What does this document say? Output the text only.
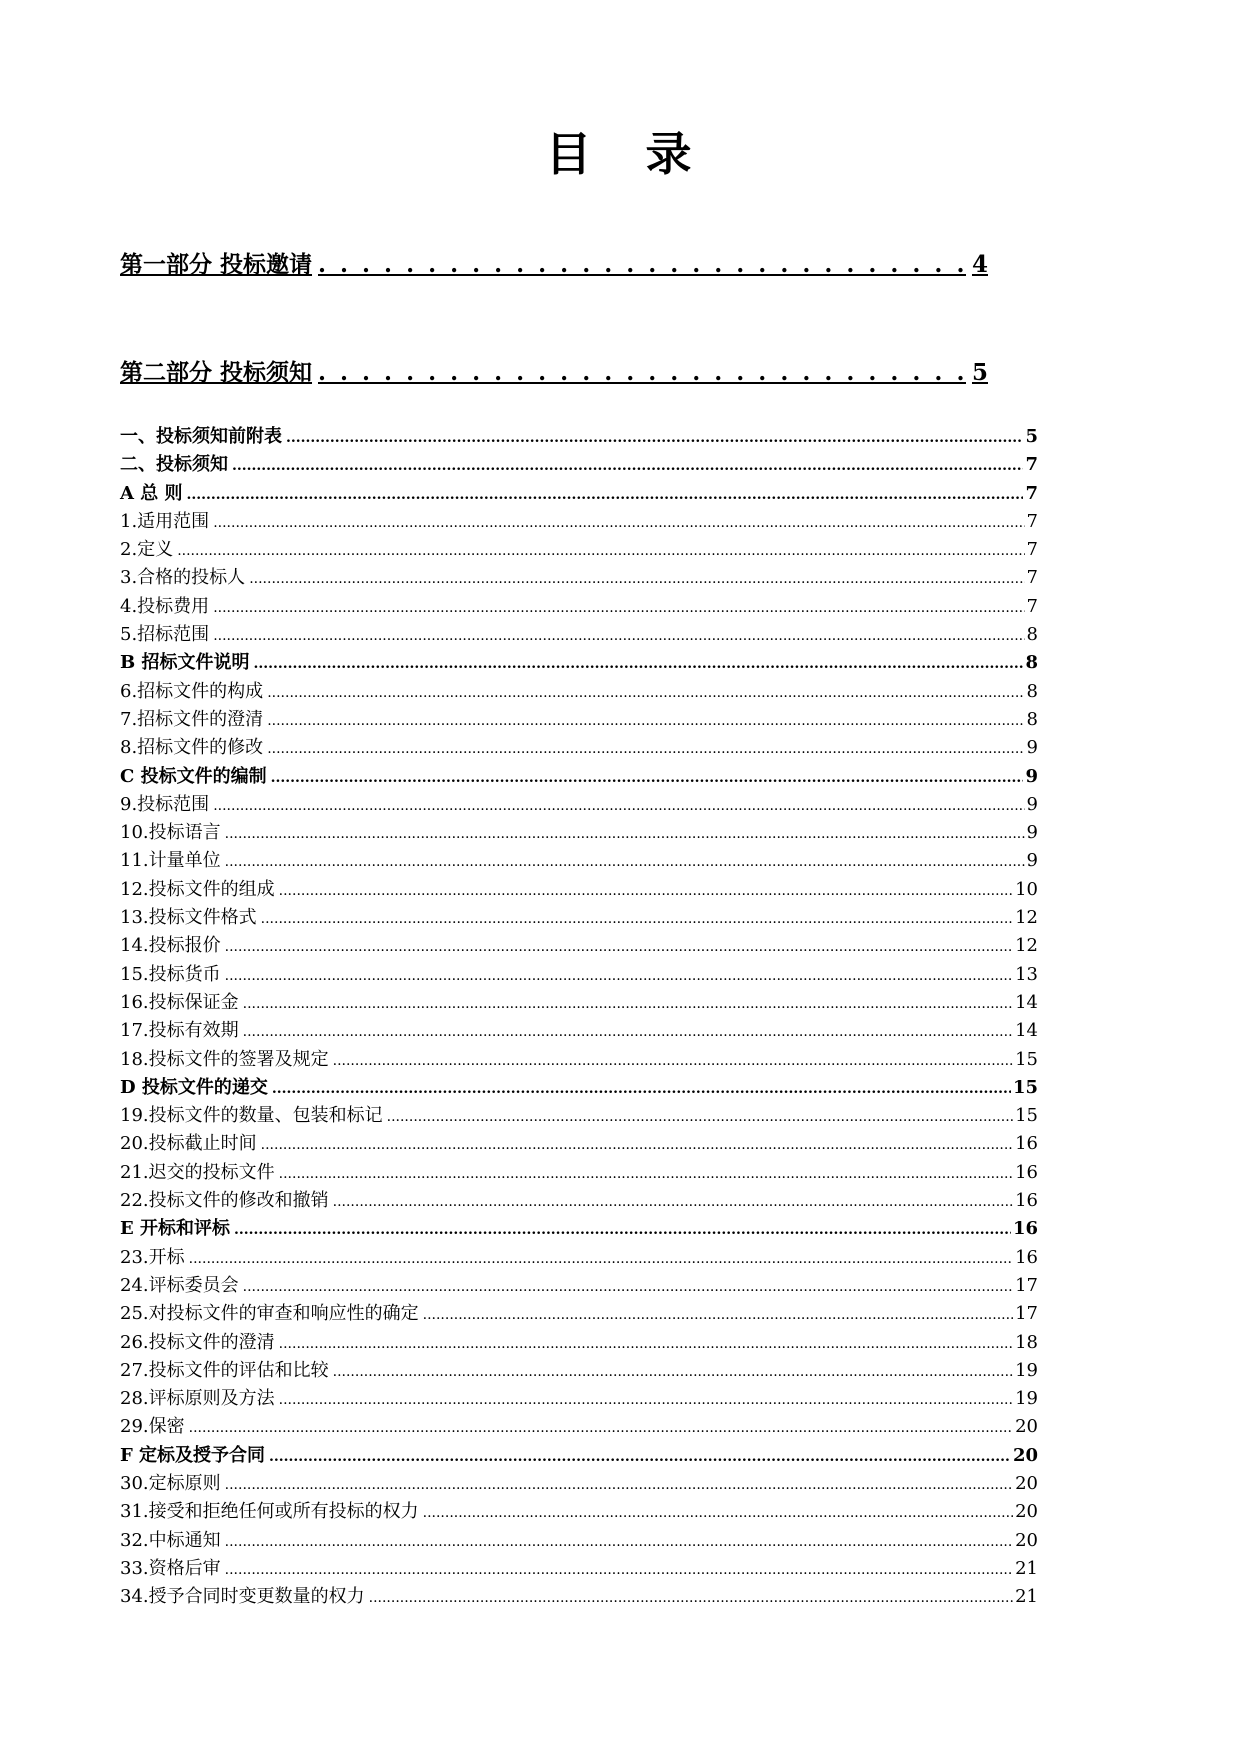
目　录
第一部分 投标邀请 . . .	4
第二部分 投标须知 . . .	5
一、投标须知前附表 .....	5
二、投标须知 .....	7
A 总 则 .....	7
1.适用范围 .....	7
2.定义 .....	7
3.合格的投标人 .....	7
4.投标费用 .....	7
5.招标范围 .....	8
B 招标文件说明 .....	8
6.招标文件的构成 .....	8
7.招标文件的澄清 .....	8
8.招标文件的修改 .....	9
C 投标文件的编制 .....	9
9.投标范围 .....	9
10.投标语言 .....	9
11.计量单位 .....	9
12.投标文件的组成 .....	10
13.投标文件格式 .....	12
14.投标报价 .....	12
15.投标货币 .....	13
16.投标保证金 .....	14
17.投标有效期 .....	14
18.投标文件的签署及规定 .....	15
D 投标文件的递交 .....	15
19.投标文件的数量、包装和标记 .....	15
20.投标截止时间 .....	16
21.迟交的投标文件 .....	16
22.投标文件的修改和撤销 .....	16
E 开标和评标 .....	16
23.开标 .....	16
24.评标委员会 .....	17
25.对投标文件的审查和响应性的确定 .....	17
26.投标文件的澄清 .....	18
27.投标文件的评估和比较 .....	19
28.评标原则及方法 .....	19
29.保密 .....	20
F 定标及授予合同 .....	20
30.定标原则 .....	20
31.接受和拒绝任何或所有投标的权力 .....	20
32.中标通知 .....	20
33.资格后审 .....	21
34.授予合同时变更数量的权力 .....	21
